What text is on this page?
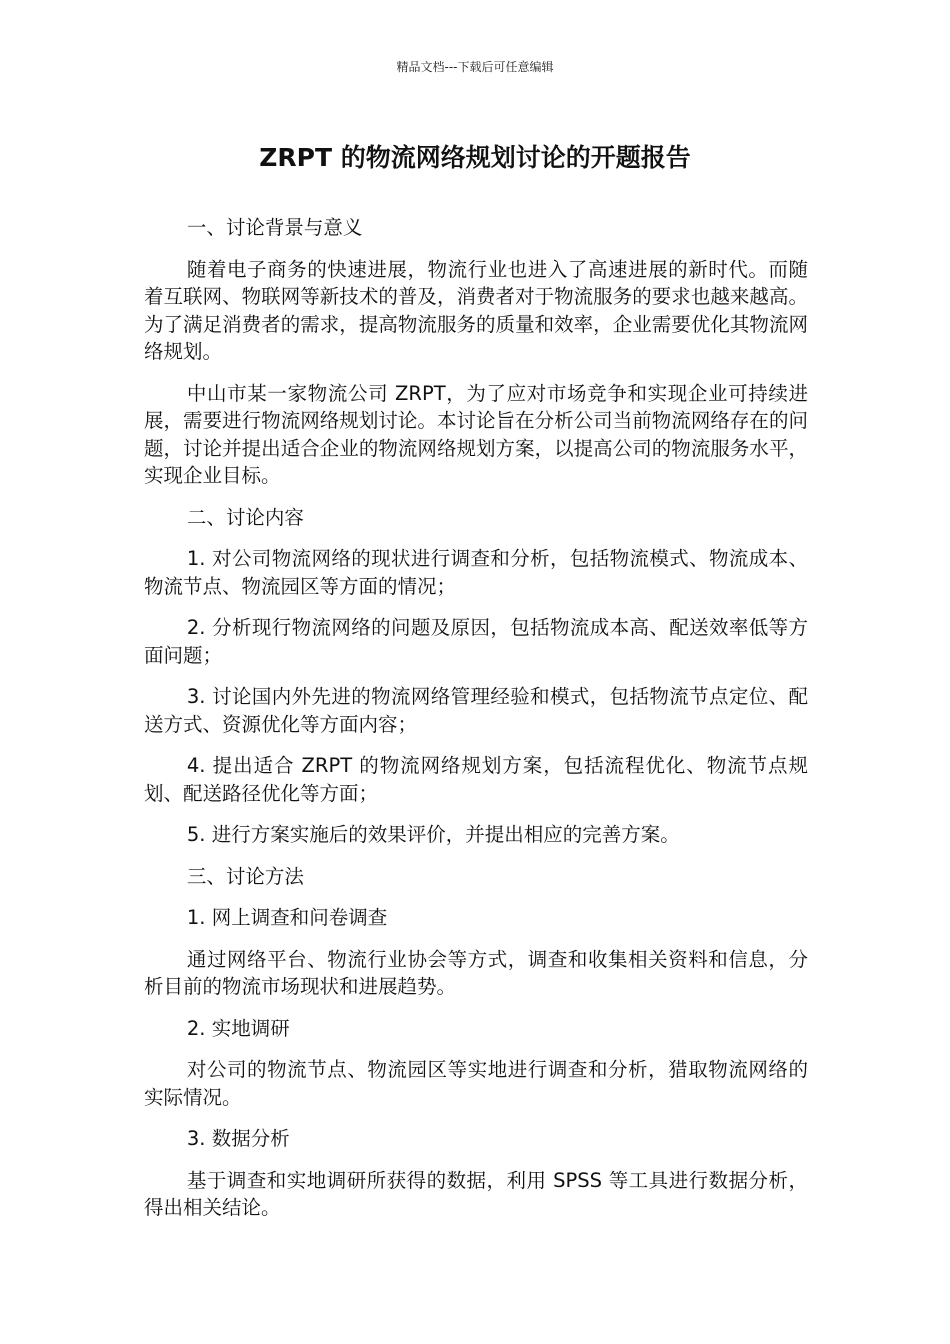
精品文档---下载后可任意编辑
ZRPT 的物流网络规划讨论的开题报告

一、讨论背景与意义

随着电子商务的快速进展，物流行业也进入了高速进展的新时代。而随着互联网、物联网等新技术的普及，消费者对于物流服务的要求也越来越高。为了满足消费者的需求，提高物流服务的质量和效率，企业需要优化其物流网络规划。

中山市某一家物流公司 ZRPT，为了应对市场竞争和实现企业可持续进展，需要进行物流网络规划讨论。本讨论旨在分析公司当前物流网络存在的问题，讨论并提出适合企业的物流网络规划方案，以提高公司的物流服务水平，实现企业目标。

二、讨论内容

1. 对公司物流网络的现状进行调查和分析，包括物流模式、物流成本、物流节点、物流园区等方面的情况；

2. 分析现行物流网络的问题及原因，包括物流成本高、配送效率低等方面问题；

3. 讨论国内外先进的物流网络管理经验和模式，包括物流节点定位、配送方式、资源优化等方面内容；

4. 提出适合 ZRPT 的物流网络规划方案，包括流程优化、物流节点规划、配送路径优化等方面；

5. 进行方案实施后的效果评价，并提出相应的完善方案。

三、讨论方法

1. 网上调查和问卷调查

通过网络平台、物流行业协会等方式，调查和收集相关资料和信息，分析目前的物流市场现状和进展趋势。

2. 实地调研

对公司的物流节点、物流园区等实地进行调查和分析，猎取物流网络的实际情况。

3. 数据分析

基于调查和实地调研所获得的数据，利用 SPSS 等工具进行数据分析，得出相关结论。
